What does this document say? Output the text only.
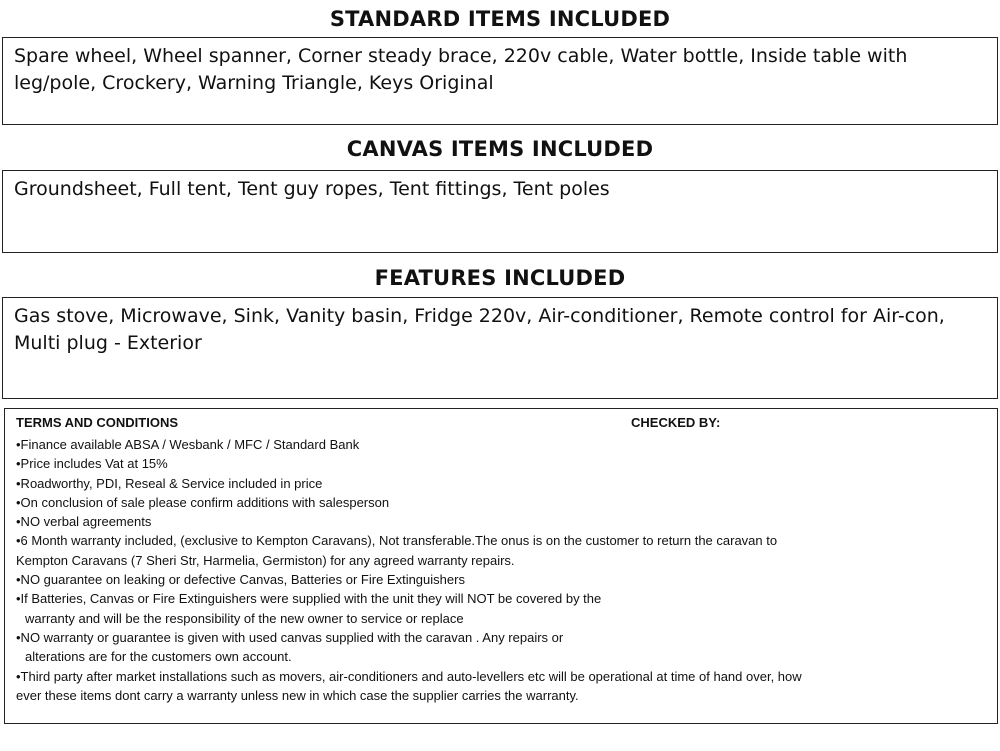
STANDARD ITEMS INCLUDED
Spare wheel, Wheel spanner, Corner steady brace, 220v cable, Water bottle, Inside table with leg/pole, Crockery, Warning Triangle, Keys Original
CANVAS ITEMS INCLUDED
Groundsheet, Full tent, Tent guy ropes, Tent fittings, Tent poles
FEATURES INCLUDED
Gas stove, Microwave, Sink, Vanity basin, Fridge 220v, Air-conditioner, Remote control for Air-con, Multi plug - Exterior
TERMS AND CONDITIONS	CHECKED BY:
•Finance available ABSA / Wesbank / MFC / Standard Bank
•Price includes Vat at 15%
•Roadworthy, PDI, Reseal & Service included in price
•On conclusion of sale please confirm additions with salesperson
•NO verbal agreements
•6 Month warranty included, (exclusive to Kempton Caravans), Not transferable.The onus is on the customer to return the caravan to
Kempton Caravans (7 Sheri Str, Harmelia, Germiston) for any agreed warranty repairs.
•NO guarantee on leaking or defective Canvas, Batteries or Fire Extinguishers
•If Batteries, Canvas or Fire Extinguishers were supplied with the unit they will NOT be covered by the
warranty and will be the responsibility of the new owner to service or replace
•NO warranty or guarantee is given with used canvas supplied with the caravan . Any repairs or
alterations are for the customers own account.
•Third party after market installations such as movers, air-conditioners and auto-levellers etc will be operational at time of hand over, how
ever these items dont carry a warranty unless new in which case the supplier carries the warranty.
